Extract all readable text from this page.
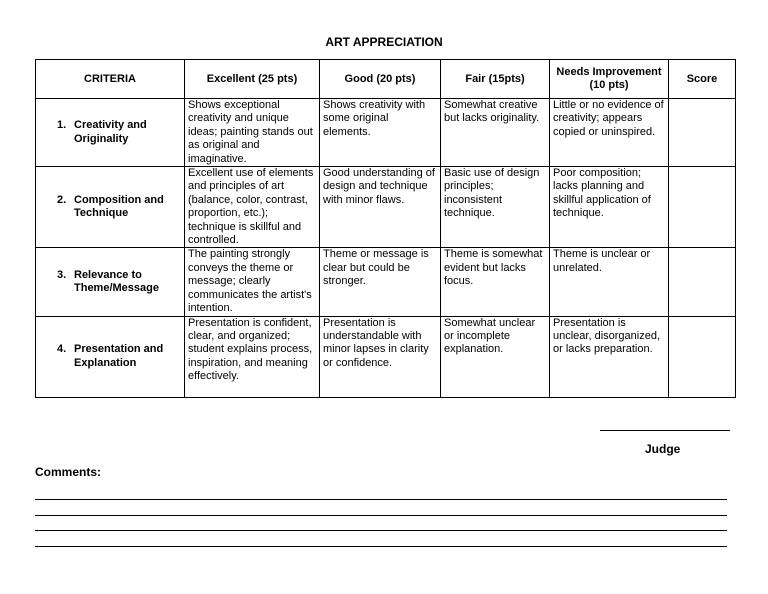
ART APPRECIATION
CRITERIA	Excellent (25 pts)	Good (20 pts)	Fair (15pts)	Needs Improvement (10 pts)	Score

1. Creativity and Originality	Shows exceptional creativity and unique ideas; painting stands out as original and imaginative.	Shows creativity with some original elements.	Somewhat creative but lacks originality.	Little or no evidence of creativity; appears copied or uninspired.	

2. Composition and Technique	Excellent use of elements and principles of art (balance, color, contrast, proportion, etc.); technique is skillful and controlled.	Good understanding of design and technique with minor flaws.	Basic use of design principles; inconsistent technique.	Poor composition; lacks planning and skillful application of technique.	

3. Relevance to Theme/Message	The painting strongly conveys the theme or message; clearly communicates the artist's intention.	Theme or message is clear but could be stronger.	Theme is somewhat evident but lacks focus.	Theme is unclear or unrelated.	

4. Presentation and Explanation	Presentation is confident, clear, and organized; student explains process, inspiration, and meaning effectively.	Presentation is understandable with minor lapses in clarity or confidence.	Somewhat unclear or incomplete explanation.	Presentation is unclear, disorganized, or lacks preparation.	
Judge
Comments:
